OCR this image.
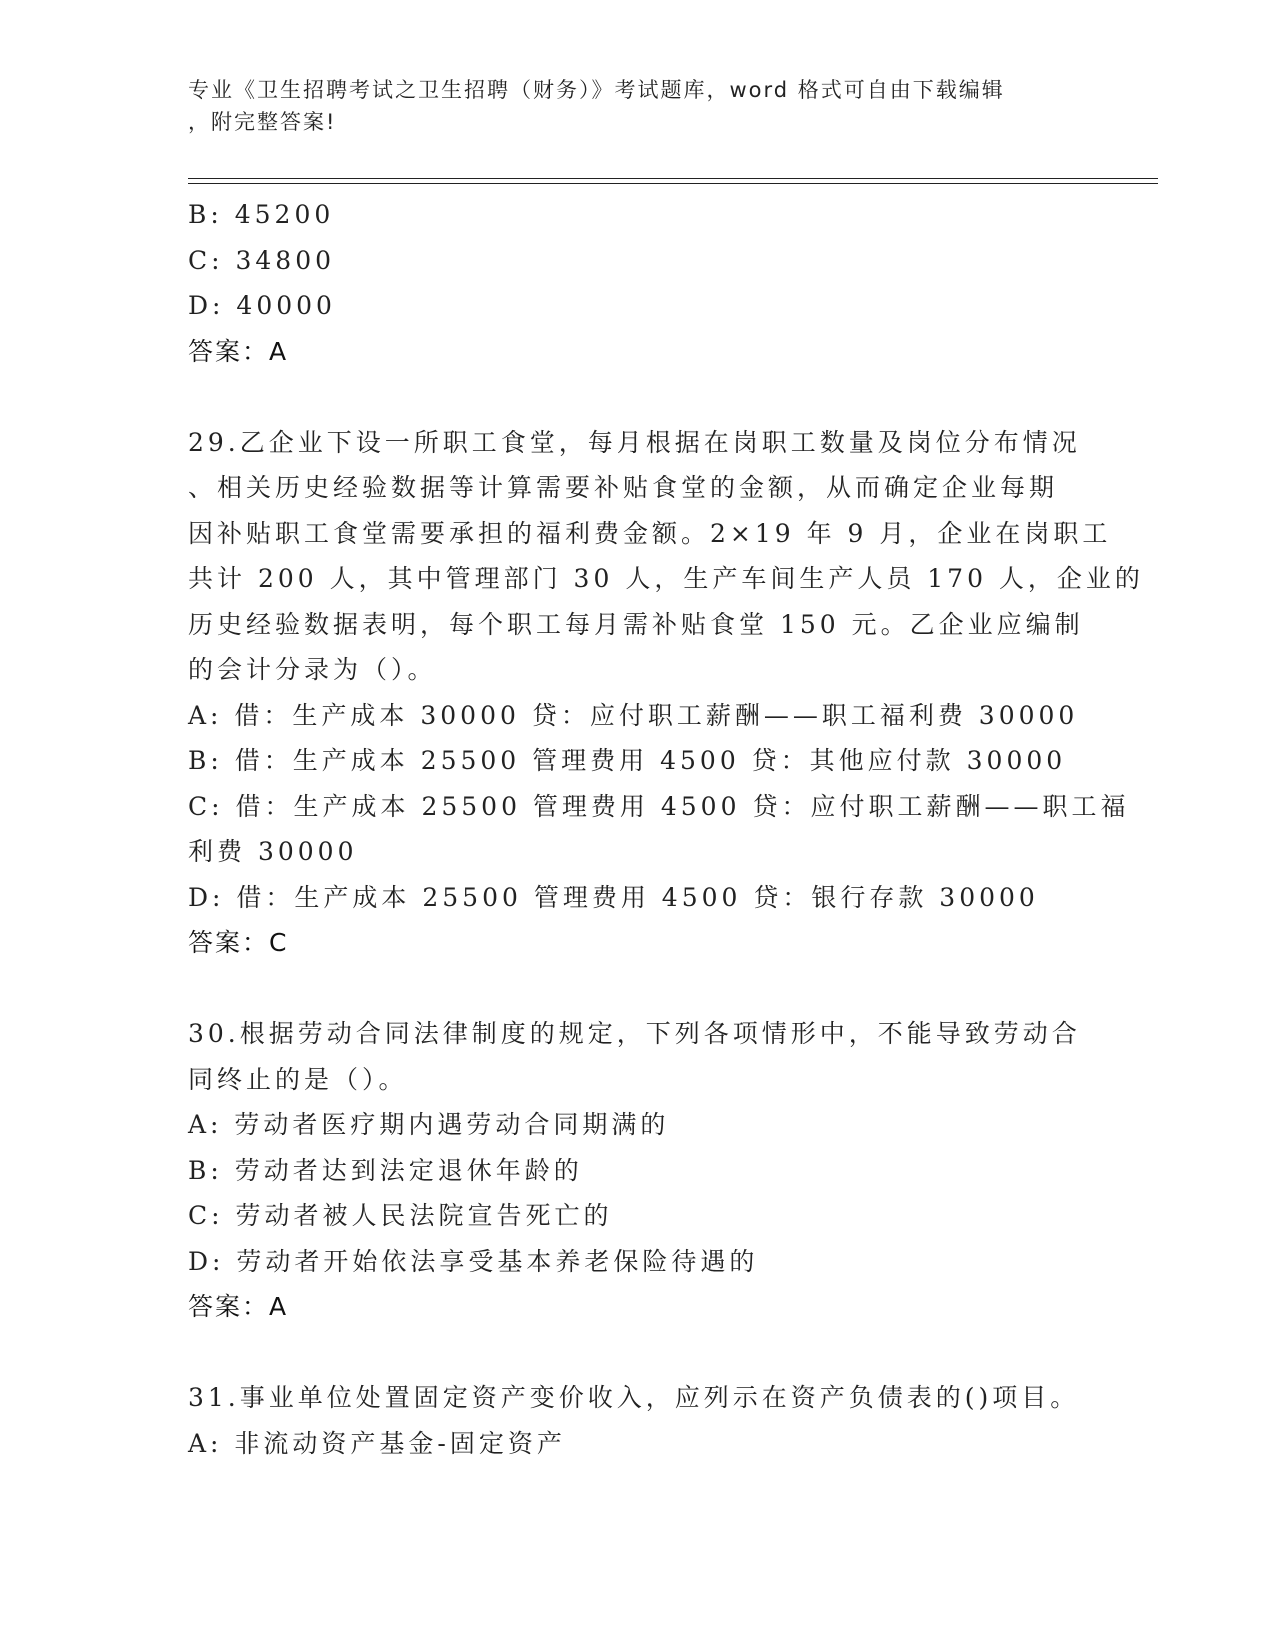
专业《卫生招聘考试之卫生招聘（财务）》考试题库，word 格式可自由下载编辑
，附完整答案!
B: 45200
C: 34800
D: 40000
答案：A
29.乙企业下设一所职工食堂，每月根据在岗职工数量及岗位分布情况
、相关历史经验数据等计算需要补贴食堂的金额，从而确定企业每期
因补贴职工食堂需要承担的福利费金额。2×19 年 9 月，企业在岗职工
共计 200 人，其中管理部门 30 人，生产车间生产人员 170 人，企业的
历史经验数据表明，每个职工每月需补贴食堂 150 元。乙企业应编制
的会计分录为（）。
A: 借：生产成本 30000 贷：应付职工薪酬——职工福利费 30000
B: 借：生产成本 25500 管理费用 4500 贷：其他应付款 30000
C: 借：生产成本 25500 管理费用 4500 贷：应付职工薪酬——职工福
利费 30000
D: 借：生产成本 25500 管理费用 4500 贷：银行存款 30000
答案：C
30.根据劳动合同法律制度的规定，下列各项情形中，不能导致劳动合
同终止的是（）。
A: 劳动者医疗期内遇劳动合同期满的
B: 劳动者达到法定退休年龄的
C: 劳动者被人民法院宣告死亡的
D: 劳动者开始依法享受基本养老保险待遇的
答案：A
31.事业单位处置固定资产变价收入，应列示在资产负债表的()项目。
A: 非流动资产基金-固定资产
